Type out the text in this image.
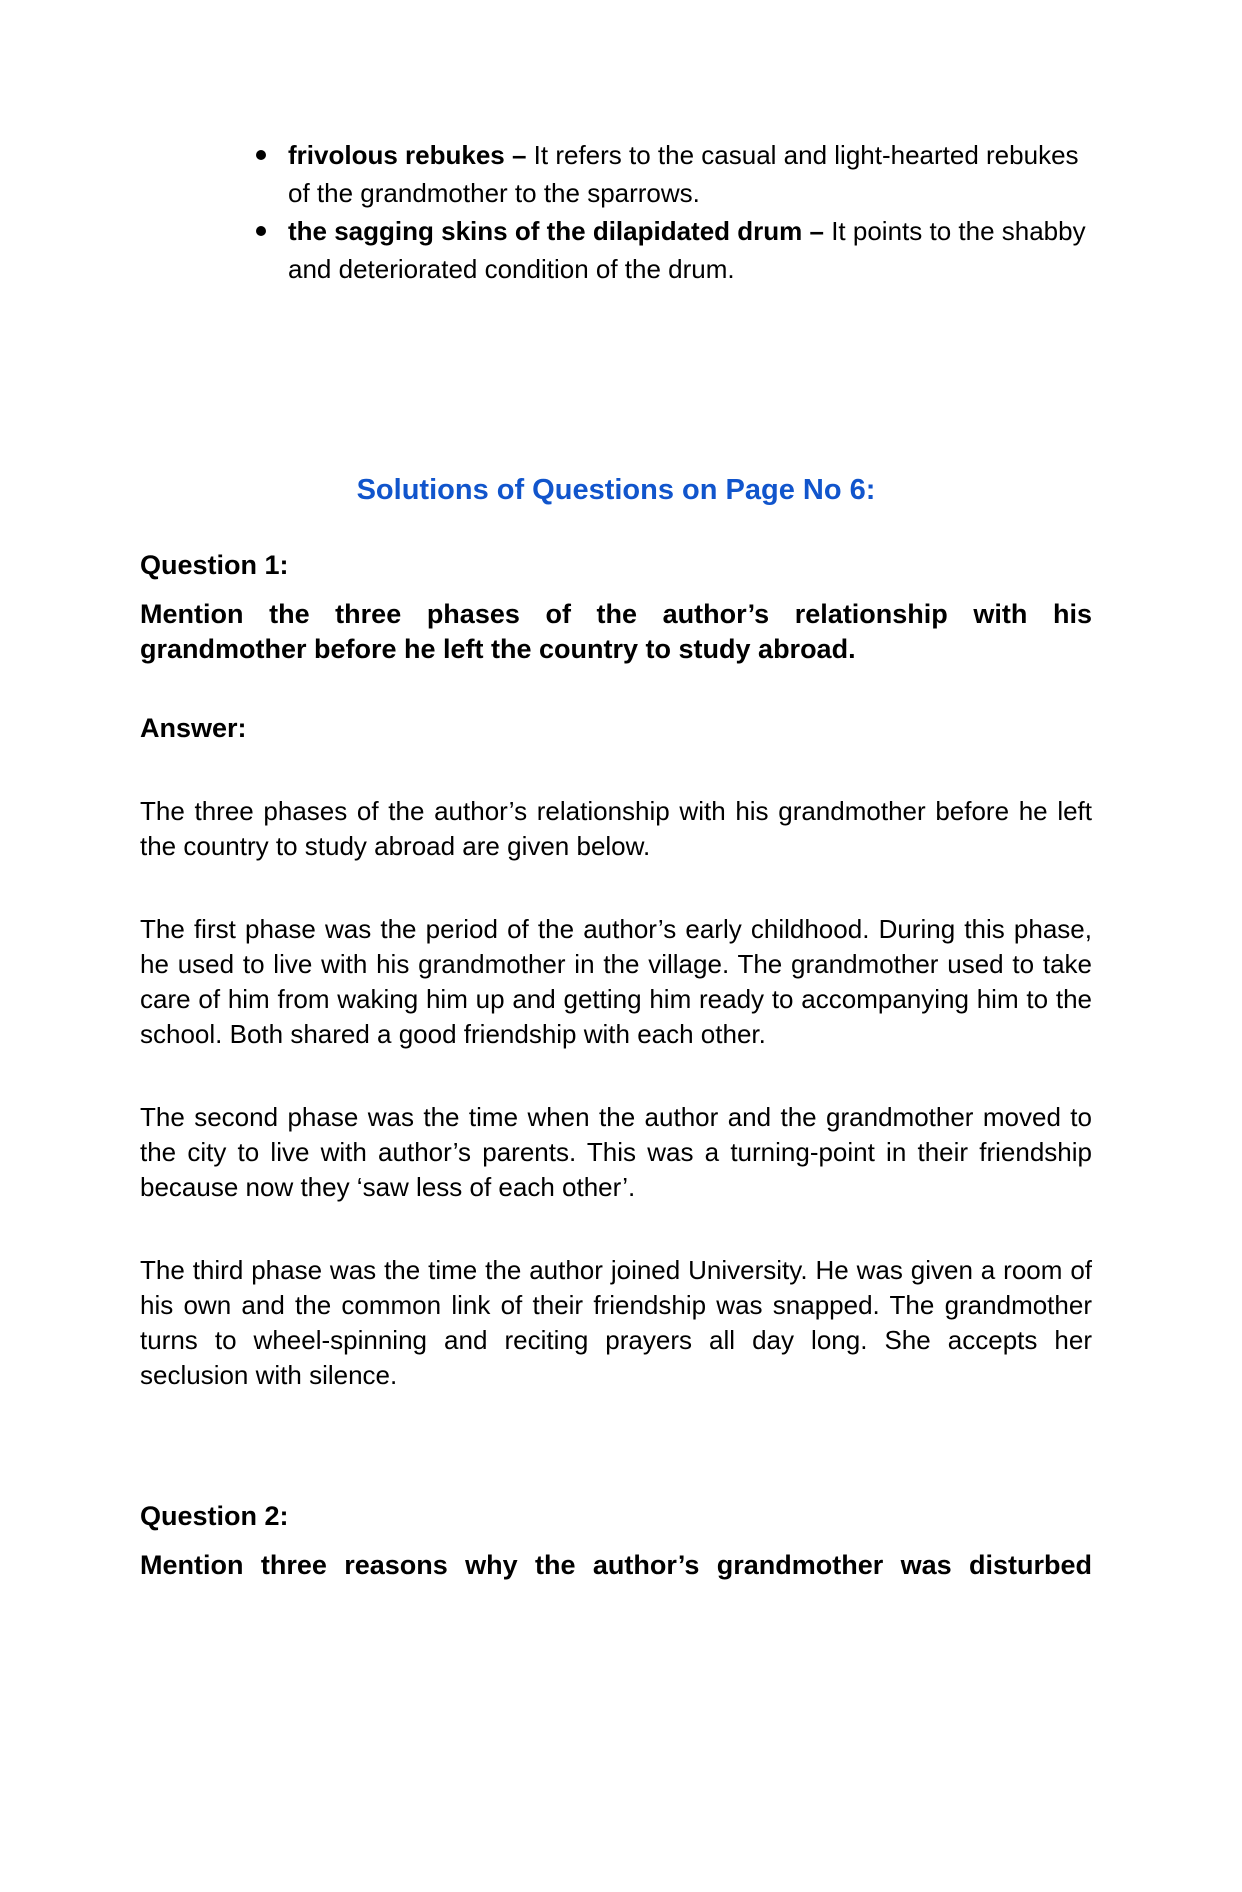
frivolous rebukes – It refers to the casual and light-hearted rebukes of the grandmother to the sparrows.
the sagging skins of the dilapidated drum – It points to the shabby and deteriorated condition of the drum.
Solutions of Questions on Page No 6:

Question 1:

Mention the three phases of the author’s relationship with his grandmother before he left the country to study abroad.

Answer:

The three phases of the author’s relationship with his grandmother before he left the country to study abroad are given below.

The first phase was the period of the author’s early childhood. During this phase, he used to live with his grandmother in the village. The grandmother used to take care of him from waking him up and getting him ready to accompanying him to the school. Both shared a good friendship with each other.

The second phase was the time when the author and the grandmother moved to the city to live with author’s parents. This was a turning-point in their friendship because now they ‘saw less of each other’.

The third phase was the time the author joined University. He was given a room of his own and the common link of their friendship was snapped. The grandmother turns to wheel-spinning and reciting prayers all day long. She accepts her seclusion with silence.

Question 2:

Mention three reasons why the author’s grandmother was disturbed
